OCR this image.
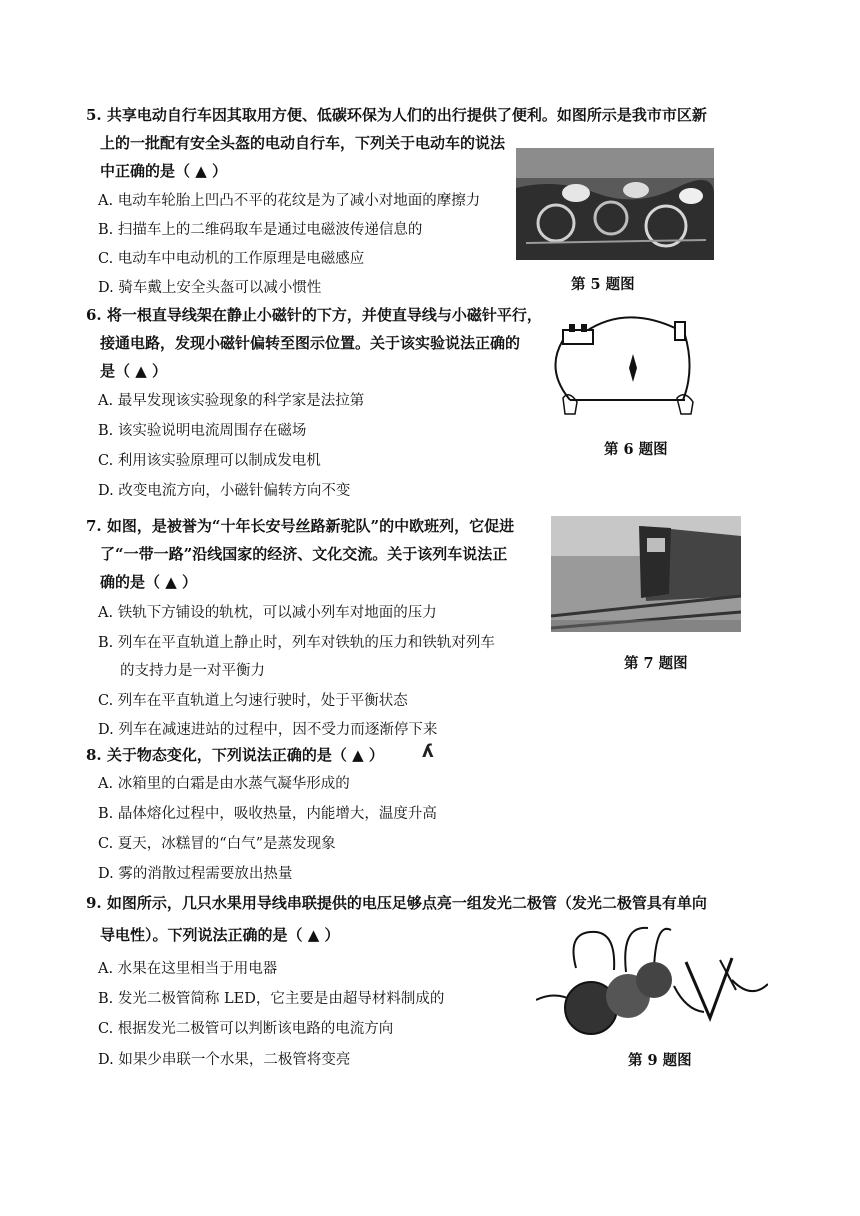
5. 共享电动自行车因其取用方便、低碳环保为人们的出行提供了便利。如图所示是我市市区新
上的一批配有安全头盔的电动自行车，下列关于电动车的说法
中正确的是（ ▲ ）
A. 电动车轮胎上凹凸不平的花纹是为了减小对地面的摩擦力
B. 扫描车上的二维码取车是通过电磁波传递信息的
C. 电动车中电动机的工作原理是电磁感应
D. 骑车戴上安全头盔可以减小惯性	第 5 题图
6. 将一根直导线架在静止小磁针的下方，并使直导线与小磁针平行，
接通电路，发现小磁针偏转至图示位置。关于该实验说法正确的
是（ ▲ ）
A. 最早发现该实验现象的科学家是法拉第
B. 该实验说明电流周围存在磁场
C. 利用该实验原理可以制成发电机
D. 改变电流方向，小磁针偏转方向不变
第 6 题图
7. 如图，是被誉为“十年长安号丝路新驼队”的中欧班列，它促进
了“一带一路”沿线国家的经济、文化交流。关于该列车说法正
确的是（ ▲ ）
A. 铁轨下方铺设的轨枕，可以减小列车对地面的压力
B. 列车在平直轨道上静止时，列车对铁轨的压力和铁轨对列车
的支持力是一对平衡力
C. 列车在平直轨道上匀速行驶时，处于平衡状态
D. 列车在减速进站的过程中，因不受力而逐渐停下来
第 7 题图
8. 关于物态变化，下列说法正确的是（ ▲ ） ʎ
A. 冰箱里的白霜是由水蒸气凝华形成的
B. 晶体熔化过程中，吸收热量，内能增大，温度升高
C. 夏天，冰糕冒的“白气”是蒸发现象
D. 雾的消散过程需要放出热量
9. 如图所示，几只水果用导线串联提供的电压足够点亮一组发光二极管（发光二极管具有单向
导电性）。下列说法正确的是（ ▲ ）
A. 水果在这里相当于用电器
B. 发光二极管简称 LED，它主要是由超导材料制成的
C. 根据发光二极管可以判断该电路的电流方向
D. 如果少串联一个水果，二极管将变亮	第 9 题图
